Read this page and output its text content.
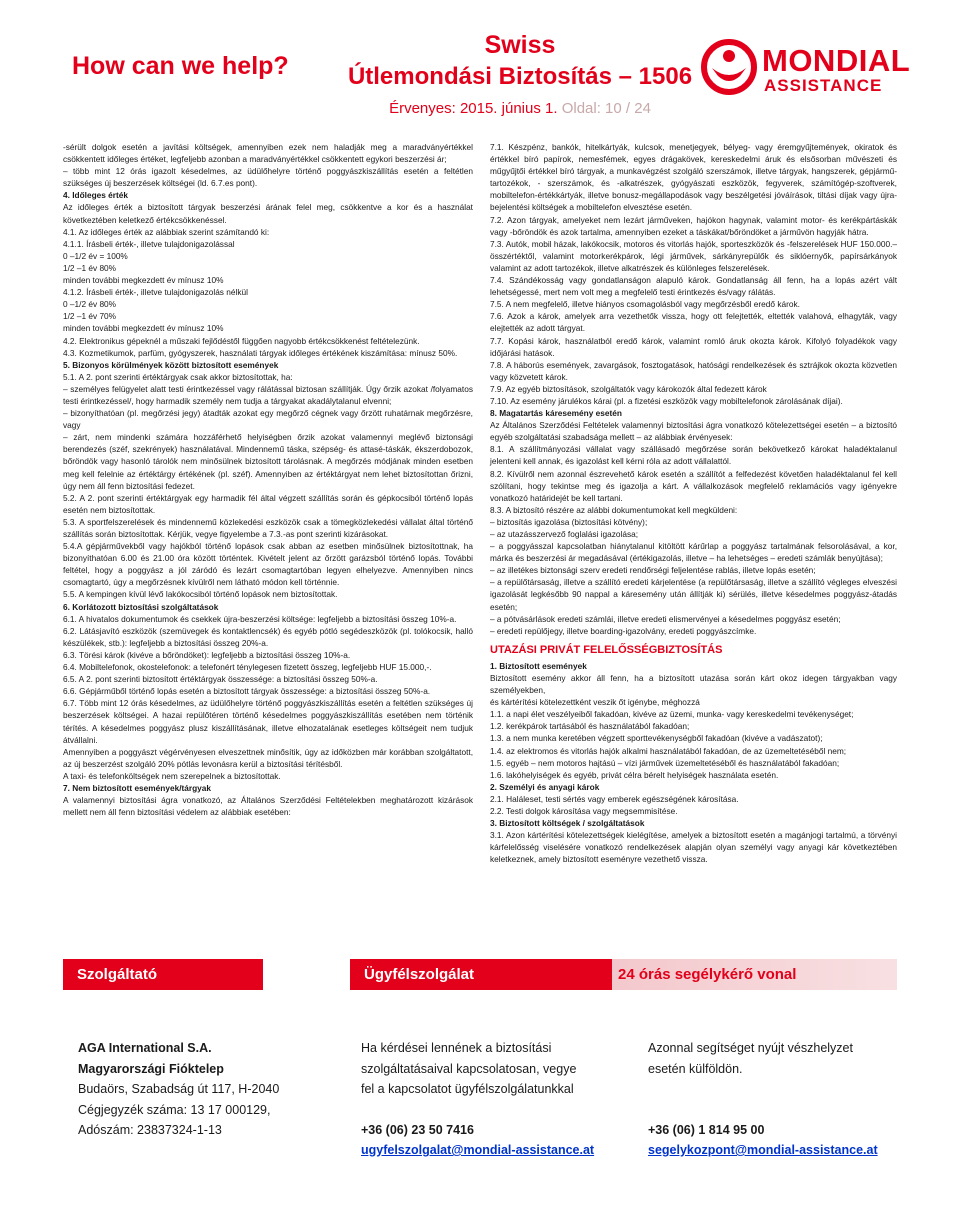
How can we help?
Swiss
Útlemondási Biztosítás – 1506
Érvenyes: 2015. június 1. Oldal: 10 / 24
MONDIAL
ASSISTANCE

-sérült dolgok esetén a javítási költségek, amennyiben ezek nem haladják meg a maradványértékkel csökkentett időleges értéket, legfeljebb azonban a maradványértékkel csökkentett egykori beszerzési ár;

– több mint 12 órás igazolt késedelmes, az üdülőhelyre történő poggyászkiszállítás esetén a feltétlen szükséges új beszerzések költségei (ld. 6.7.es pont).

4. Időleges érték

Az időleges érték a biztosított tárgyak beszerzési árának felel meg, csökkentve a kor és a használat következtében keletkező értékcsökkenéssel.

4.1. Az időleges érték az alábbiak szerint számítandó ki:

4.1.1. Írásbeli érték-, illetve tulajdonigazolással

0 –1/2 év = 100%

1/2 –1 év 80%

minden további megkezdett év mínusz 10%

4.1.2. Írásbeli érték-, illetve tulajdonigazolás nélkül

0 –1/2 év 80%

1/2 –1 év 70%

minden további megkezdett év mínusz 10%

4.2. Elektronikus gépeknél a műszaki fejlődéstől függően nagyobb értékcsökkenést feltételezünk.

4.3. Kozmetikumok, parfüm, gyógyszerek, használati tárgyak időleges értékének kiszámítása: mínusz 50%.

5. Bizonyos körülmények között biztosított események

5.1. A 2. pont szerinti értéktárgyak csak akkor biztosítottak, ha:

– személyes felügyelet alatt testi érintkezéssel vagy rálátással biztosan szállítják. Úgy őrzik azokat /folyamatos testi érintkezéssel/, hogy harmadik személy nem tudja a tárgyakat akadálytalanul elvenni;

– bizonyíthatóan (pl. megőrzési jegy) átadták azokat egy megőrző cégnek vagy őrzött ruhatárnak megőrzésre, vagy

– zárt, nem mindenki számára hozzáférhető helyiségben őrzik azokat valamennyi meglévő biztonsági berendezés (széf, szekrények) használatával. Mindennemű táska, szépség- és attasé-táskák, ékszerdobozok, bőröndök vagy hasonló tárolók nem minősülnek biztosított tárolásnak. A megőrzés módjának minden esetben meg kell felelnie az értéktárgy értékének (pl. széf). Amennyiben az értéktárgyat nem lehet biztosítottan őrizni, úgy nem áll fenn biztosítási fedezet.

5.2. A 2. pont szerinti értéktárgyak egy harmadik fél által végzett szállítás során és gépkocsiból történő lopás esetén nem biztosítottak.

5.3. A sportfelszerelések és mindennemű közlekedési eszközök csak a tömegközlekedési vállalat által történő szállítás során biztosítottak. Kérjük, vegye figyelembe a 7.3.-as pont szerinti kizárásokat.

5.4.A gépjárművekből vagy hajókból történő lopások csak abban az esetben minősülnek biztosítottnak, ha bizonyíthatóan 6.00 és 21.00 óra között történtek. Kivételt jelent az őrzött garázsból történő lopás. További feltétel, hogy a poggyász a jól záródó és lezárt csomagtartóban legyen elhelyezve. Amennyiben nincs csomagtartó, úgy a megőrzésnek kívülről nem látható módon kell történnie.

5.5. A kempingen kívül lévő lakókocsiból történő lopások nem biztosítottak.

6. Korlátozott biztosítási szolgáltatások

6.1. A hivatalos dokumentumok és csekkek újra-beszerzési költsége: legfeljebb a biztosítási összeg 10%-a.

6.2. Látásjavító eszközök (szemüvegek és kontaktlencsék) és egyéb pótló segédeszközök (pl. tolókocsik, halló készülékek, stb.): legfeljebb a biztosítási összeg 20%-a.

6.3. Törési károk (kivéve a bőröndöket): legfeljebb a biztosítási összeg 10%-a.

6.4. Mobiltelefonok, okostelefonok: a telefonért ténylegesen fizetett összeg, legfeljebb HUF 15.000,-.

6.5. A 2. pont szerinti biztosított értéktárgyak összessége: a biztosítási összeg 50%-a.

6.6. Gépjárműből történő lopás esetén a biztosított tárgyak összessége: a biztosítási összeg 50%-a.

6.7. Több mint 12 órás késedelmes, az üdülőhelyre történő poggyászkiszállítás esetén a feltétlen szükséges új beszerzések költségei. A hazai repülőtéren történő késedelmes poggyászkiszállítás esetében nem történik térítés. A késedelmes poggyász plusz kiszállításának, illetve elhozatalának esetleges költségeit nem tudjuk átvállalni.

Amennyiben a poggyászt végérvényesen elveszettnek minősítik, úgy az időközben már korábban szolgáltatott, az új beszerzést szolgáló 20% pótlás levonásra kerül a biztosítási térítésből.

A taxi- és telefonköltségek nem szerepelnek a biztosítottak.

7. Nem biztosított események/tárgyak

A valamennyi biztosítási ágra vonatkozó, az Általános Szerződési Feltételekben meghatározott kizárások mellett nem áll fenn biztosítási védelem az alábbiak esetében:

7.1. Készpénz, bankók, hitelkártyák, kulcsok, menetjegyek, bélyeg- vagy éremgyűjtemények, okiratok és értékkel bíró papírok, nemesfémek, egyes drágakövek, kereskedelmi áruk és elsősorban művészeti és műgyűjtői értékkel bíró tárgyak, a munkavégzést szolgáló szerszámok, illetve tárgyak, hangszerek, gépjármű-tartozékok, - szerszámok, és -alkatrészek, gyógyászati eszközök, fegyverek, számítógép-szoftverek, mobiltelefon-értékkártyák, illetve bonusz-megállapodások vagy beszélgetési jóváírások, tiltási díjak vagy újra-bejelentési költségek a mobiltelefon elvesztése esetén.

7.2. Azon tárgyak, amelyeket nem lezárt járműveken, hajókon hagynak, valamint motor- és kerékpártáskák vagy -bőröndök és azok tartalma, amennyiben ezeket a táskákat/bőröndöket a járművön hagyják hátra.

7.3. Autók, mobil házak, lakókocsik, motoros és vitorlás hajók, sporteszközök és -felszerelések HUF 150.000.– összértéktől, valamint motorkerékpárok, légi járművek, sárkányrepülők és siklóernyők, papírsárkányok valamint az adott tartozékok, illetve alkatrészek és különleges felszerelések.

7.4. Szándékosság vagy gondatlanságon alapuló károk. Gondatlanság áll fenn, ha a lopás azért vált lehetségessé, mert nem volt meg a megfelelő testi érintkezés és/vagy rálátás.

7.5. A nem megfelelő, illetve hiányos csomagolásból vagy megőrzésből eredő károk.

7.6. Azok a károk, amelyek arra vezethetők vissza, hogy ott felejtették, eltették valahová, elhagyták, vagy elejtették az adott tárgyat.

7.7. Kopási károk, használatból eredő károk, valamint romló áruk okozta károk. Kifolyó folyadékok vagy időjárási hatások.

7.8. A háborús események, zavargások, fosztogatások, hatósági rendelkezések és sztrájkok okozta közvetlen vagy közvetett károk.

7.9. Az egyéb biztosítások, szolgáltatók vagy károkozók által fedezett károk

7.10. Az esemény járulékos kárai (pl. a fizetési eszközök vagy mobiltelefonok zárolásának díjai).

8. Magatartás káresemény esetén

Az Általános Szerződési Feltételek valamennyi biztosítási ágra vonatkozó kötelezettségei esetén – a biztosító egyéb szolgáltatási szabadsága mellett – az alábbiak érvényesek:

8.1. A szállítmányozási vállalat vagy szállásadó megőrzése során bekövetkező károkat haladéktalanul jelenteni kell annak, és igazolást kell kérni róla az adott vállalattól.

8.2. Kívülről nem azonnal észrevehető károk esetén a szállítót a felfedezést követően haladéktalanul fel kell szólítani, hogy tekintse meg és igazolja a kárt. A vállalkozások megfelelő reklamációs vagy igényekre vonatkozó határidejét be kell tartani.

8.3. A biztosító részére az alábbi dokumentumokat kell megküldeni:

– biztosítás igazolása (biztosítási kötvény);

– az utazásszervező foglalási igazolása;

– a poggyásszal kapcsolatban hiánytalanul kitöltött kárűrlap a poggyász tartalmának felsorolásával, a kor, márka és beszerzési ár megadásával (értékigazolás, illetve – ha lehetséges – eredeti számlák benyújtása);

– az illetékes biztonsági szerv eredeti rendőrségi feljelentése rablás, illetve lopás esetén;

– a repülőtársaság, illetve a szállító eredeti kárjelentése (a repülőtársaság, illetve a szállító végleges elveszési igazolását legkésőbb 90 nappal a káresemény után állítják ki) sérülés, illetve késedelmes poggyász-átadás esetén;

– a pótvásárlások eredeti számlái, illetve eredeti elismervényei a késedelmes poggyász esetén;

– eredeti repülőjegy, illetve boarding-igazolvány, eredeti poggyászcímke.

UTAZÁSI PRIVÁT FELELŐSSÉGBIZTOSÍTÁS

1. Biztosított események

Biztosított esemény akkor áll fenn, ha a biztosított utazása során kárt okoz idegen tárgyakban vagy személyekben,

és kártérítési kötelezettként veszik őt igénybe, méghozzá

1.1. a napi élet veszélyeiből fakadóan, kivéve az üzemi, munka- vagy kereskedelmi tevékenységet;

1.2. kerékpárok tartásából és használatából fakadóan;

1.3. a nem munka keretében végzett sporttevékenységből fakadóan (kivéve a vadászatot);

1.4. az elektromos és vitorlás hajók alkalmi használatából fakadóan, de az üzemeltetéséből nem;

1.5. egyéb – nem motoros hajtású – vízi járművek üzemeltetéséből és használatából fakadóan;

1.6. lakóhelyiségek és egyéb, privát célra bérelt helyiségek használata esetén.

2. Személyi és anyagi károk

2.1. Haláleset, testi sértés vagy emberek egészségének károsítása.

2.2. Testi dolgok károsítása vagy megsemmisítése.

3. Biztosított költségek / szolgáltatások

3.1. Azon kártérítési kötelezettségek kielégítése, amelyek a biztosított esetén a magánjogi tartalmú, a törvényi kárfelelősség viselésére vonatkozó rendelkezések alapján olyan személyi vagy anyagi kár következtében keletkeznek, amely biztosított eseményre vezethető vissza.

Szolgáltató	Ügyfélszolgálat	24 órás segélykérő vonal

AGA International S.A.

Magyarországi Fióktelep

Budaörs, Szabadság út 117, H-2040

Cégjegyzék száma: 13 17 000129,

Adószám: 23837324-1-13

Ha kérdései lennének a biztosítási

szolgáltatásaival kapcsolatosan, vegye

fel a kapcsolatot ügyfélszolgálatunkkal

+36 (06) 23 50 7416

ugyfelszolgalat@mondial-assistance.at

Azonnal segítséget nyújt vészhelyzet

esetén külföldön.

+36 (06) 1 814 95 00

segelykozpont@mondial-assistance.at
